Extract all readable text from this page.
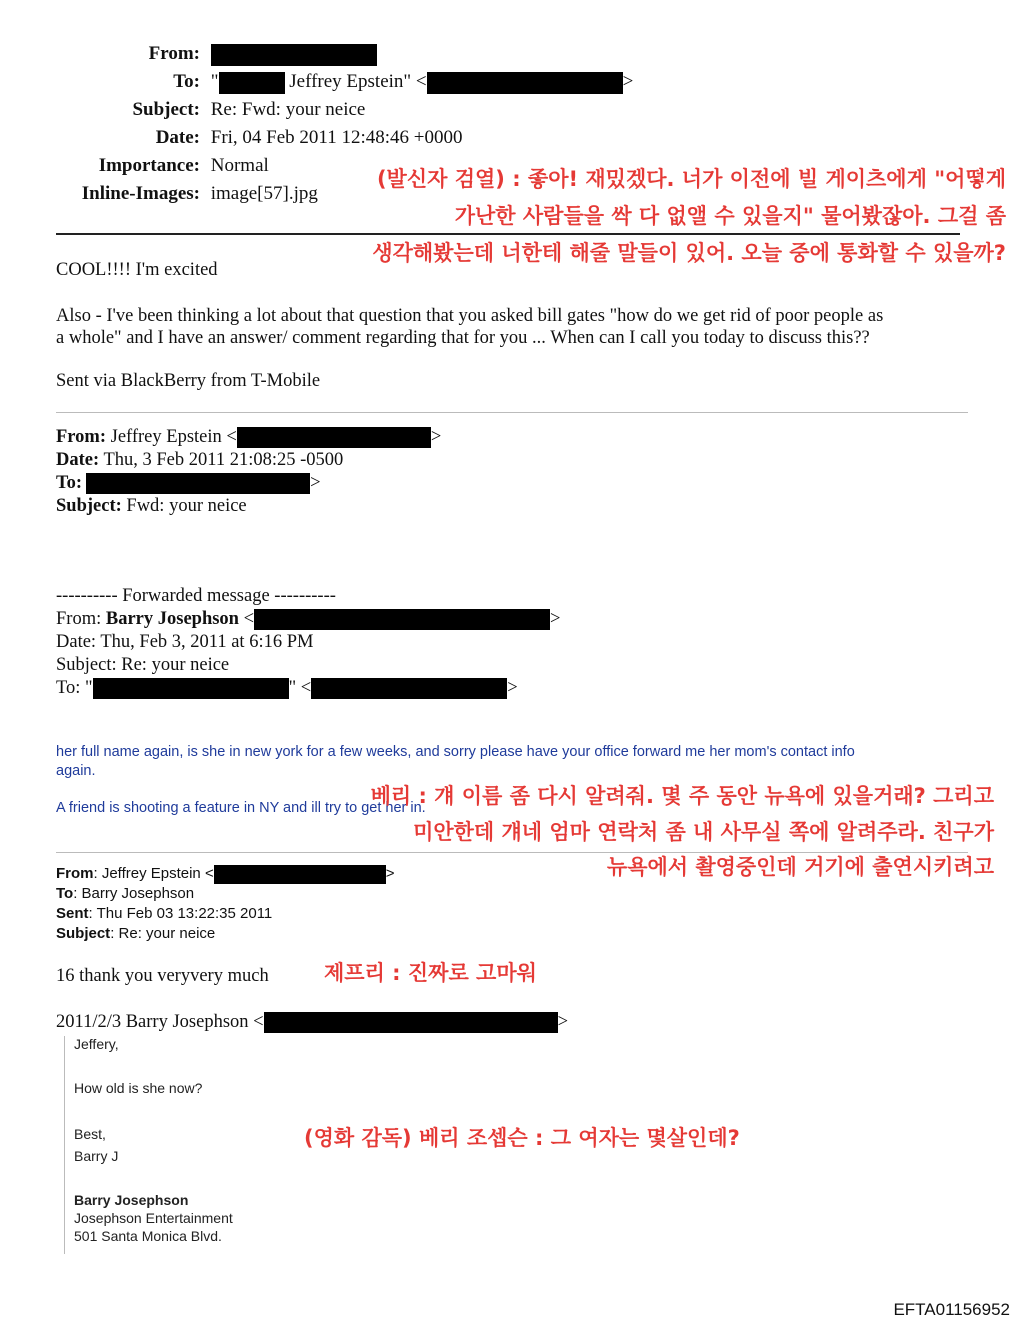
From:
To: "	Jeffrey Epstein" <	>
Subject: Re: Fwd: your neice
Date: Fri, 04 Feb 2011 12:48:46 +0000
Importance: Normal
Inline-Images: image[57].jpg
(발신자 검열) : 좋아! 재밌겠다. 너가 이전에 빌 게이츠에게 "어떻게
가난한 사람들을 싹 다 없앨 수 있을지" 물어봤잖아. 그걸 좀
생각해봤는데 너한테 해줄 말들이 있어. 오늘 중에 통화할 수 있을까?
COOL!!!! I'm excited
Also - I've been thinking a lot about that question that you asked bill gates "how do we get rid of poor people as
a whole" and I have an answer/ comment regarding that for you ... When can I call you today to discuss this??
Sent via BlackBerry from T-Mobile
From: Jeffrey Epstein <	>
Date: Thu, 3 Feb 2011 21:08:25 -0500
To:	>
Subject: Fwd: your neice
---------- Forwarded message ----------
From: Barry Josephson <	>
Date: Thu, Feb 3, 2011 at 6:16 PM
Subject: Re: your neice
To: "	" <	>
her full name again, is she in new york for a few weeks, and sorry please have your office forward me her mom's contact info
again.
A friend is shooting a feature in NY and ill try to get her in.
베리 : 걔 이름 좀 다시 알려줘. 몇 주 동안 뉴욕에 있을거래? 그리고
미안한데 걔네 엄마 연락처 좀 내 사무실 쪽에 알려주라. 친구가
뉴욕에서 촬영중인데 거기에 출연시키려고
From: Jeffrey Epstein <	>
To: Barry Josephson
Sent: Thu Feb 03 13:22:35 2011
Subject: Re: your neice
16 thank you veryvery much	제프리 : 진짜로 고마워
2011/2/3 Barry Josephson <	>
Jeffery,
How old is she now?
Best,
Barry J
Barry Josephson
Josephson Entertainment
501 Santa Monica Blvd.
(영화 감독) 베리 조셉슨 : 그 여자는 몇살인데?
EFTA01156952
